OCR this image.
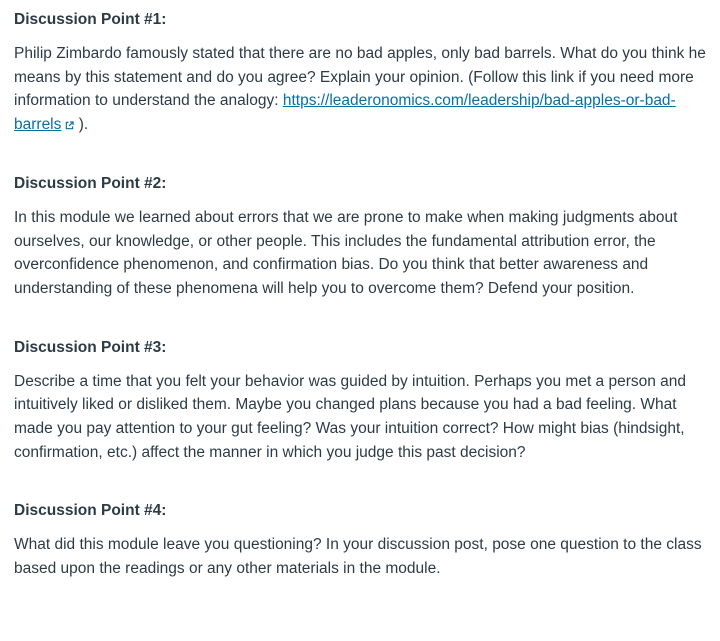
Discussion Point #1:

Philip Zimbardo famously stated that there are no bad apples, only bad barrels. What do you think he means by this statement and do you agree? Explain your opinion. (Follow this link if you need more information to understand the analogy: https://leaderonomics.com/leadership/bad-apples-or-bad-barrels ).

Discussion Point #2:

In this module we learned about errors that we are prone to make when making judgments about ourselves, our knowledge, or other people. This includes the fundamental attribution error, the overconfidence phenomenon, and confirmation bias. Do you think that better awareness and understanding of these phenomena will help you to overcome them? Defend your position.

Discussion Point #3:

Describe a time that you felt your behavior was guided by intuition. Perhaps you met a person and intuitively liked or disliked them. Maybe you changed plans because you had a bad feeling. What made you pay attention to your gut feeling? Was your intuition correct? How might bias (hindsight, confirmation, etc.) affect the manner in which you judge this past decision?

Discussion Point #4:

What did this module leave you questioning? In your discussion post, pose one question to the class based upon the readings or any other materials in the module.
